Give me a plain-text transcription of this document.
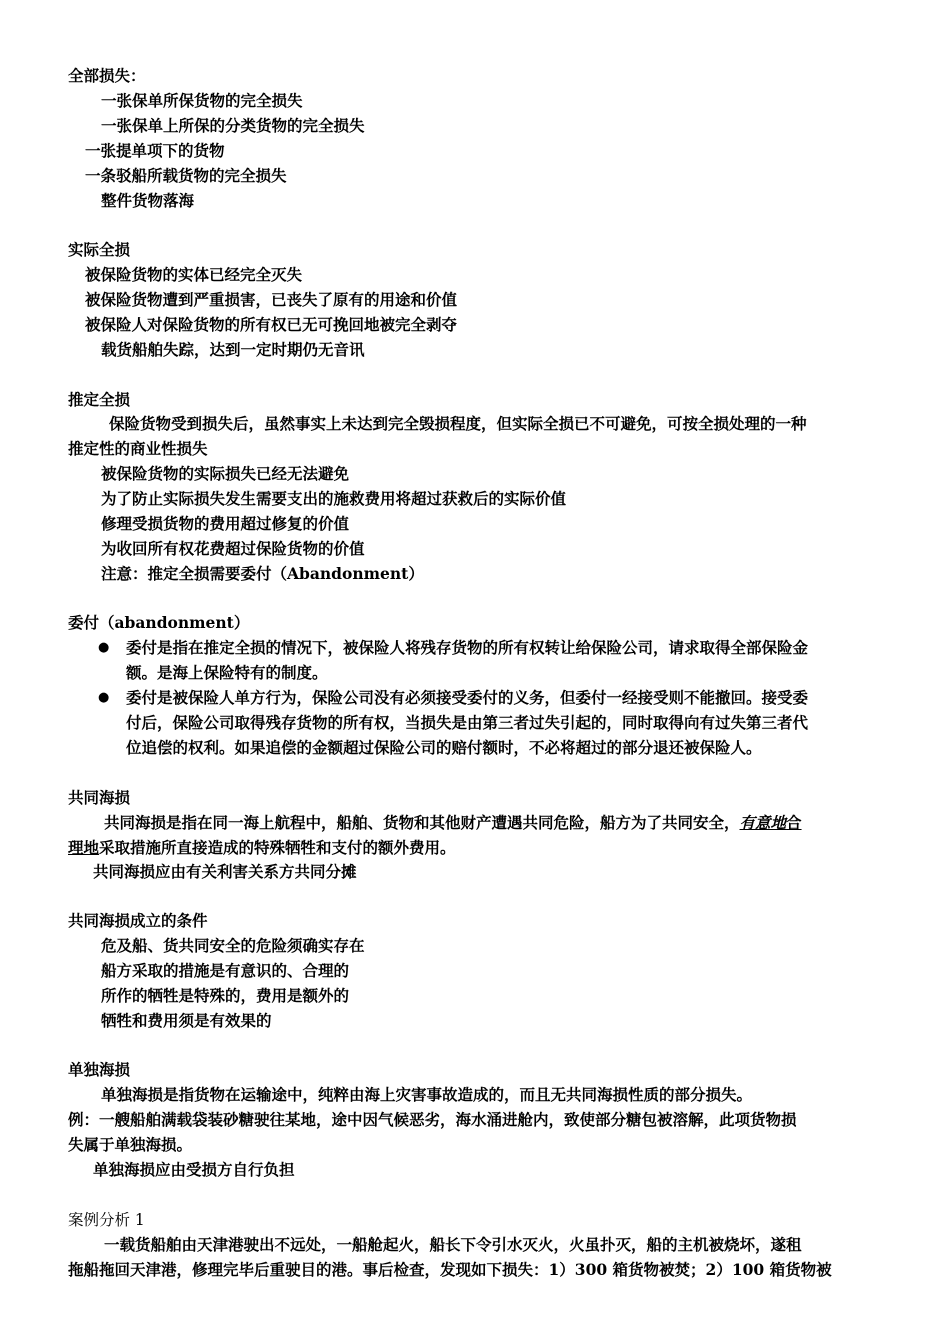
全部损失：
一张保单所保货物的完全损失
一张保单上所保的分类货物的完全损失
一张提单项下的货物
一条驳船所载货物的完全损失
整件货物落海
实际全损
被保险货物的实体已经完全灭失
被保险货物遭到严重损害，已丧失了原有的用途和价值
被保险人对保险货物的所有权已无可挽回地被完全剥夺
载货船舶失踪，达到一定时期仍无音讯
推定全损
保险货物受到损失后，虽然事实上未达到完全毁损程度，但实际全损已不可避免，可按全损处理的一种
推定性的商业性损失
被保险货物的实际损失已经无法避免
为了防止实际损失发生需要支出的施救费用将超过获救后的实际价值
修理受损货物的费用超过修复的价值
为收回所有权花费超过保险货物的价值
注意：推定全损需要委付（Abandonment）
委付（abandonment）
● 委付是指在推定全损的情况下，被保险人将残存货物的所有权转让给保险公司，请求取得全部保险金
额。是海上保险特有的制度。
● 委付是被保险人单方行为，保险公司没有必须接受委付的义务，但委付一经接受则不能撤回。接受委
付后，保险公司取得残存货物的所有权，当损失是由第三者过失引起的，同时取得向有过失第三者代
位追偿的权利。如果追偿的金额超过保险公司的赔付额时，不必将超过的部分退还被保险人。
共同海损
共同海损是指在同一海上航程中，船舶、货物和其他财产遭遇共同危险，船方为了共同安全，有意地合
理地采取措施所直接造成的特殊牺牲和支付的额外费用。
共同海损应由有关利害关系方共同分摊
共同海损成立的条件
危及船、货共同安全的危险须确实存在
船方采取的措施是有意识的、合理的
所作的牺牲是特殊的，费用是额外的
牺牲和费用须是有效果的
单独海损
单独海损是指货物在运输途中，纯粹由海上灾害事故造成的，而且无共同海损性质的部分损失。
例：一艘船舶满载袋装砂糖驶往某地，途中因气候恶劣，海水涌进舱内，致使部分糖包被溶解，此项货物损
失属于单独海损。
单独海损应由受损方自行负担
案例分析 1
一载货船舶由天津港驶出不远处，一船舱起火，船长下令引水灭火，火虽扑灭，船的主机被烧坏，遂租
拖船拖回天津港，修理完毕后重驶目的港。事后检查，发现如下损失：1）300 箱货物被焚；2）100 箱货物被
